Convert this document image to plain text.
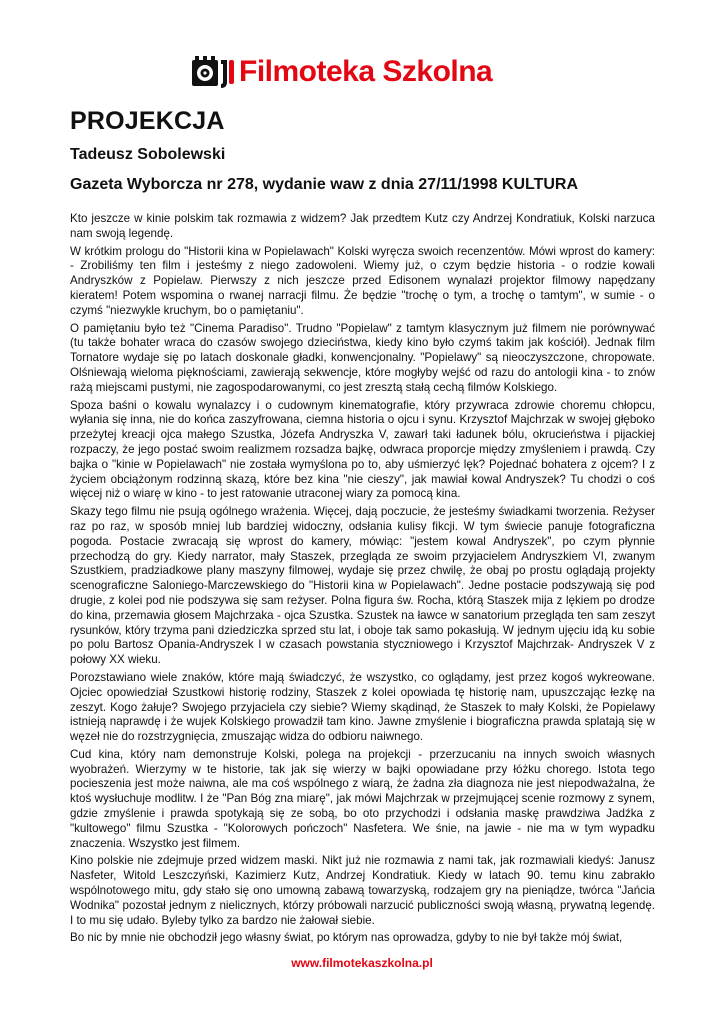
Filmoteka Szkolna
PROJEKCJA

Tadeusz Sobolewski

Gazeta Wyborcza nr 278, wydanie waw z dnia 27/11/1998 KULTURA

Kto jeszcze w kinie polskim tak rozmawia z widzem? Jak przedtem Kutz czy Andrzej Kondratiuk, Kolski narzuca nam swoją legendę.

W krótkim prologu do "Historii kina w Popielawach" Kolski wyręcza swoich recenzentów. Mówi wprost do kamery: - Zrobiliśmy ten film i jesteśmy z niego zadowoleni. Wiemy już, o czym będzie historia - o rodzie kowali Andryszków z Popielaw. Pierwszy z nich jeszcze przed Edisonem wynalazł projektor filmowy napędzany kieratem! Potem wspomina o rwanej narracji filmu. Że będzie "trochę o tym, a trochę o tamtym", w sumie - o czymś "niezwykle kruchym, bo o pamiętaniu".

O pamiętaniu było też "Cinema Paradiso". Trudno "Popielaw" z tamtym klasycznym już filmem nie porównywać (tu także bohater wraca do czasów swojego dzieciństwa, kiedy kino było czymś takim jak kościół). Jednak film Tornatore wydaje się po latach doskonale gładki, konwencjonalny. "Popielawy" są nieoczyszczone, chropowate. Olśniewają wieloma pięknościami, zawierają sekwencje, które mogłyby wejść od razu do antologii kina - to znów rażą miejscami pustymi, nie zagospodarowanymi, co jest zresztą stałą cechą filmów Kolskiego.

Spoza baśni o kowalu wynalazcy i o cudownym kinematografie, który przywraca zdrowie choremu chłopcu, wyłania się inna, nie do końca zaszyfrowana, ciemna historia o ojcu i synu. Krzysztof Majchrzak w swojej głęboko przeżytej kreacji ojca małego Szustka, Józefa Andryszka V, zawarł taki ładunek bólu, okrucieństwa i pijackiej rozpaczy, że jego postać swoim realizmem rozsadza bajkę, odwraca proporcje między zmyśleniem i prawdą. Czy bajka o "kinie w Popielawach" nie została wymyślona po to, aby uśmierzyć lęk? Pojednać bohatera z ojcem? I z życiem obciążonym rodzinną skazą, które bez kina "nie cieszy", jak mawiał kowal Andryszek? Tu chodzi o coś więcej niż o wiarę w kino - to jest ratowanie utraconej wiary za pomocą kina.

Skazy tego filmu nie psują ogólnego wrażenia. Więcej, dają poczucie, że jesteśmy świadkami tworzenia. Reżyser raz po raz, w sposób mniej lub bardziej widoczny, odsłania kulisy fikcji. W tym świecie panuje fotograficzna pogoda. Postacie zwracają się wprost do kamery, mówiąc: "jestem kowal Andryszek", po czym płynnie przechodzą do gry. Kiedy narrator, mały Staszek, przegląda ze swoim przyjacielem Andryszkiem VI, zwanym Szustkiem, pradziadkowe plany maszyny filmowej, wydaje się przez chwilę, że obaj po prostu oglądają projekty scenograficzne Saloniego-Marczewskiego do "Historii kina w Popielawach". Jedne postacie podszywają się pod drugie, z kolei pod nie podszywa się sam reżyser. Polna figura św. Rocha, którą Staszek mija z lękiem po drodze do kina, przemawia głosem Majchrzaka - ojca Szustka. Szustek na ławce w sanatorium przegląda ten sam zeszyt rysunków, który trzyma pani dziedziczka sprzed stu lat, i oboje tak samo pokasłują. W jednym ujęciu idą ku sobie po polu Bartosz Opania-Andryszek I w czasach powstania styczniowego i Krzysztof Majchrzak- Andryszek V z połowy XX wieku.

Porozstawiano wiele znaków, które mają świadczyć, że wszystko, co oglądamy, jest przez kogoś wykreowane. Ojciec opowiedział Szustkowi historię rodziny, Staszek z kolei opowiada tę historię nam, upuszczając łezkę na zeszyt. Kogo żałuje? Swojego przyjaciela czy siebie? Wiemy skądinąd, że Staszek to mały Kolski, że Popielawy istnieją naprawdę i że wujek Kolskiego prowadził tam kino. Jawne zmyślenie i biograficzna prawda splatają się w węzeł nie do rozstrzygnięcia, zmuszając widza do odbioru naiwnego.

Cud kina, który nam demonstruje Kolski, polega na projekcji - przerzucaniu na innych swoich własnych wyobrażeń. Wierzymy w te historie, tak jak się wierzy w bajki opowiadane przy łóżku chorego. Istota tego pocieszenia jest może naiwna, ale ma coś wspólnego z wiarą, że żadna zła diagnoza nie jest niepodważalna, że ktoś wysłuchuje modlitw. I że "Pan Bóg zna miarę", jak mówi Majchrzak w przejmującej scenie rozmowy z synem, gdzie zmyślenie i prawda spotykają się ze sobą, bo oto przychodzi i odsłania maskę prawdziwa Jadźka z "kultowego" filmu Szustka - "Kolorowych pończoch" Nasfetera. We śnie, na jawie - nie ma w tym wypadku znaczenia. Wszystko jest filmem.

Kino polskie nie zdejmuje przed widzem maski. Nikt już nie rozmawia z nami tak, jak rozmawiali kiedyś: Janusz Nasfeter, Witold Leszczyński, Kazimierz Kutz, Andrzej Kondratiuk. Kiedy w latach 90. temu kinu zabrakło wspólnotowego mitu, gdy stało się ono umowną zabawą towarzyską, rodzajem gry na pieniądze, twórca "Jańcia Wodnika" pozostał jednym z nielicznych, którzy próbowali narzucić publiczności swoją własną, prywatną legendę. I to mu się udało. Byleby tylko za bardzo nie żałował siebie.

Bo nic by mnie nie obchodził jego własny świat, po którym nas oprowadza, gdyby to nie był także mój świat,

www.filmotekaszkolna.pl
